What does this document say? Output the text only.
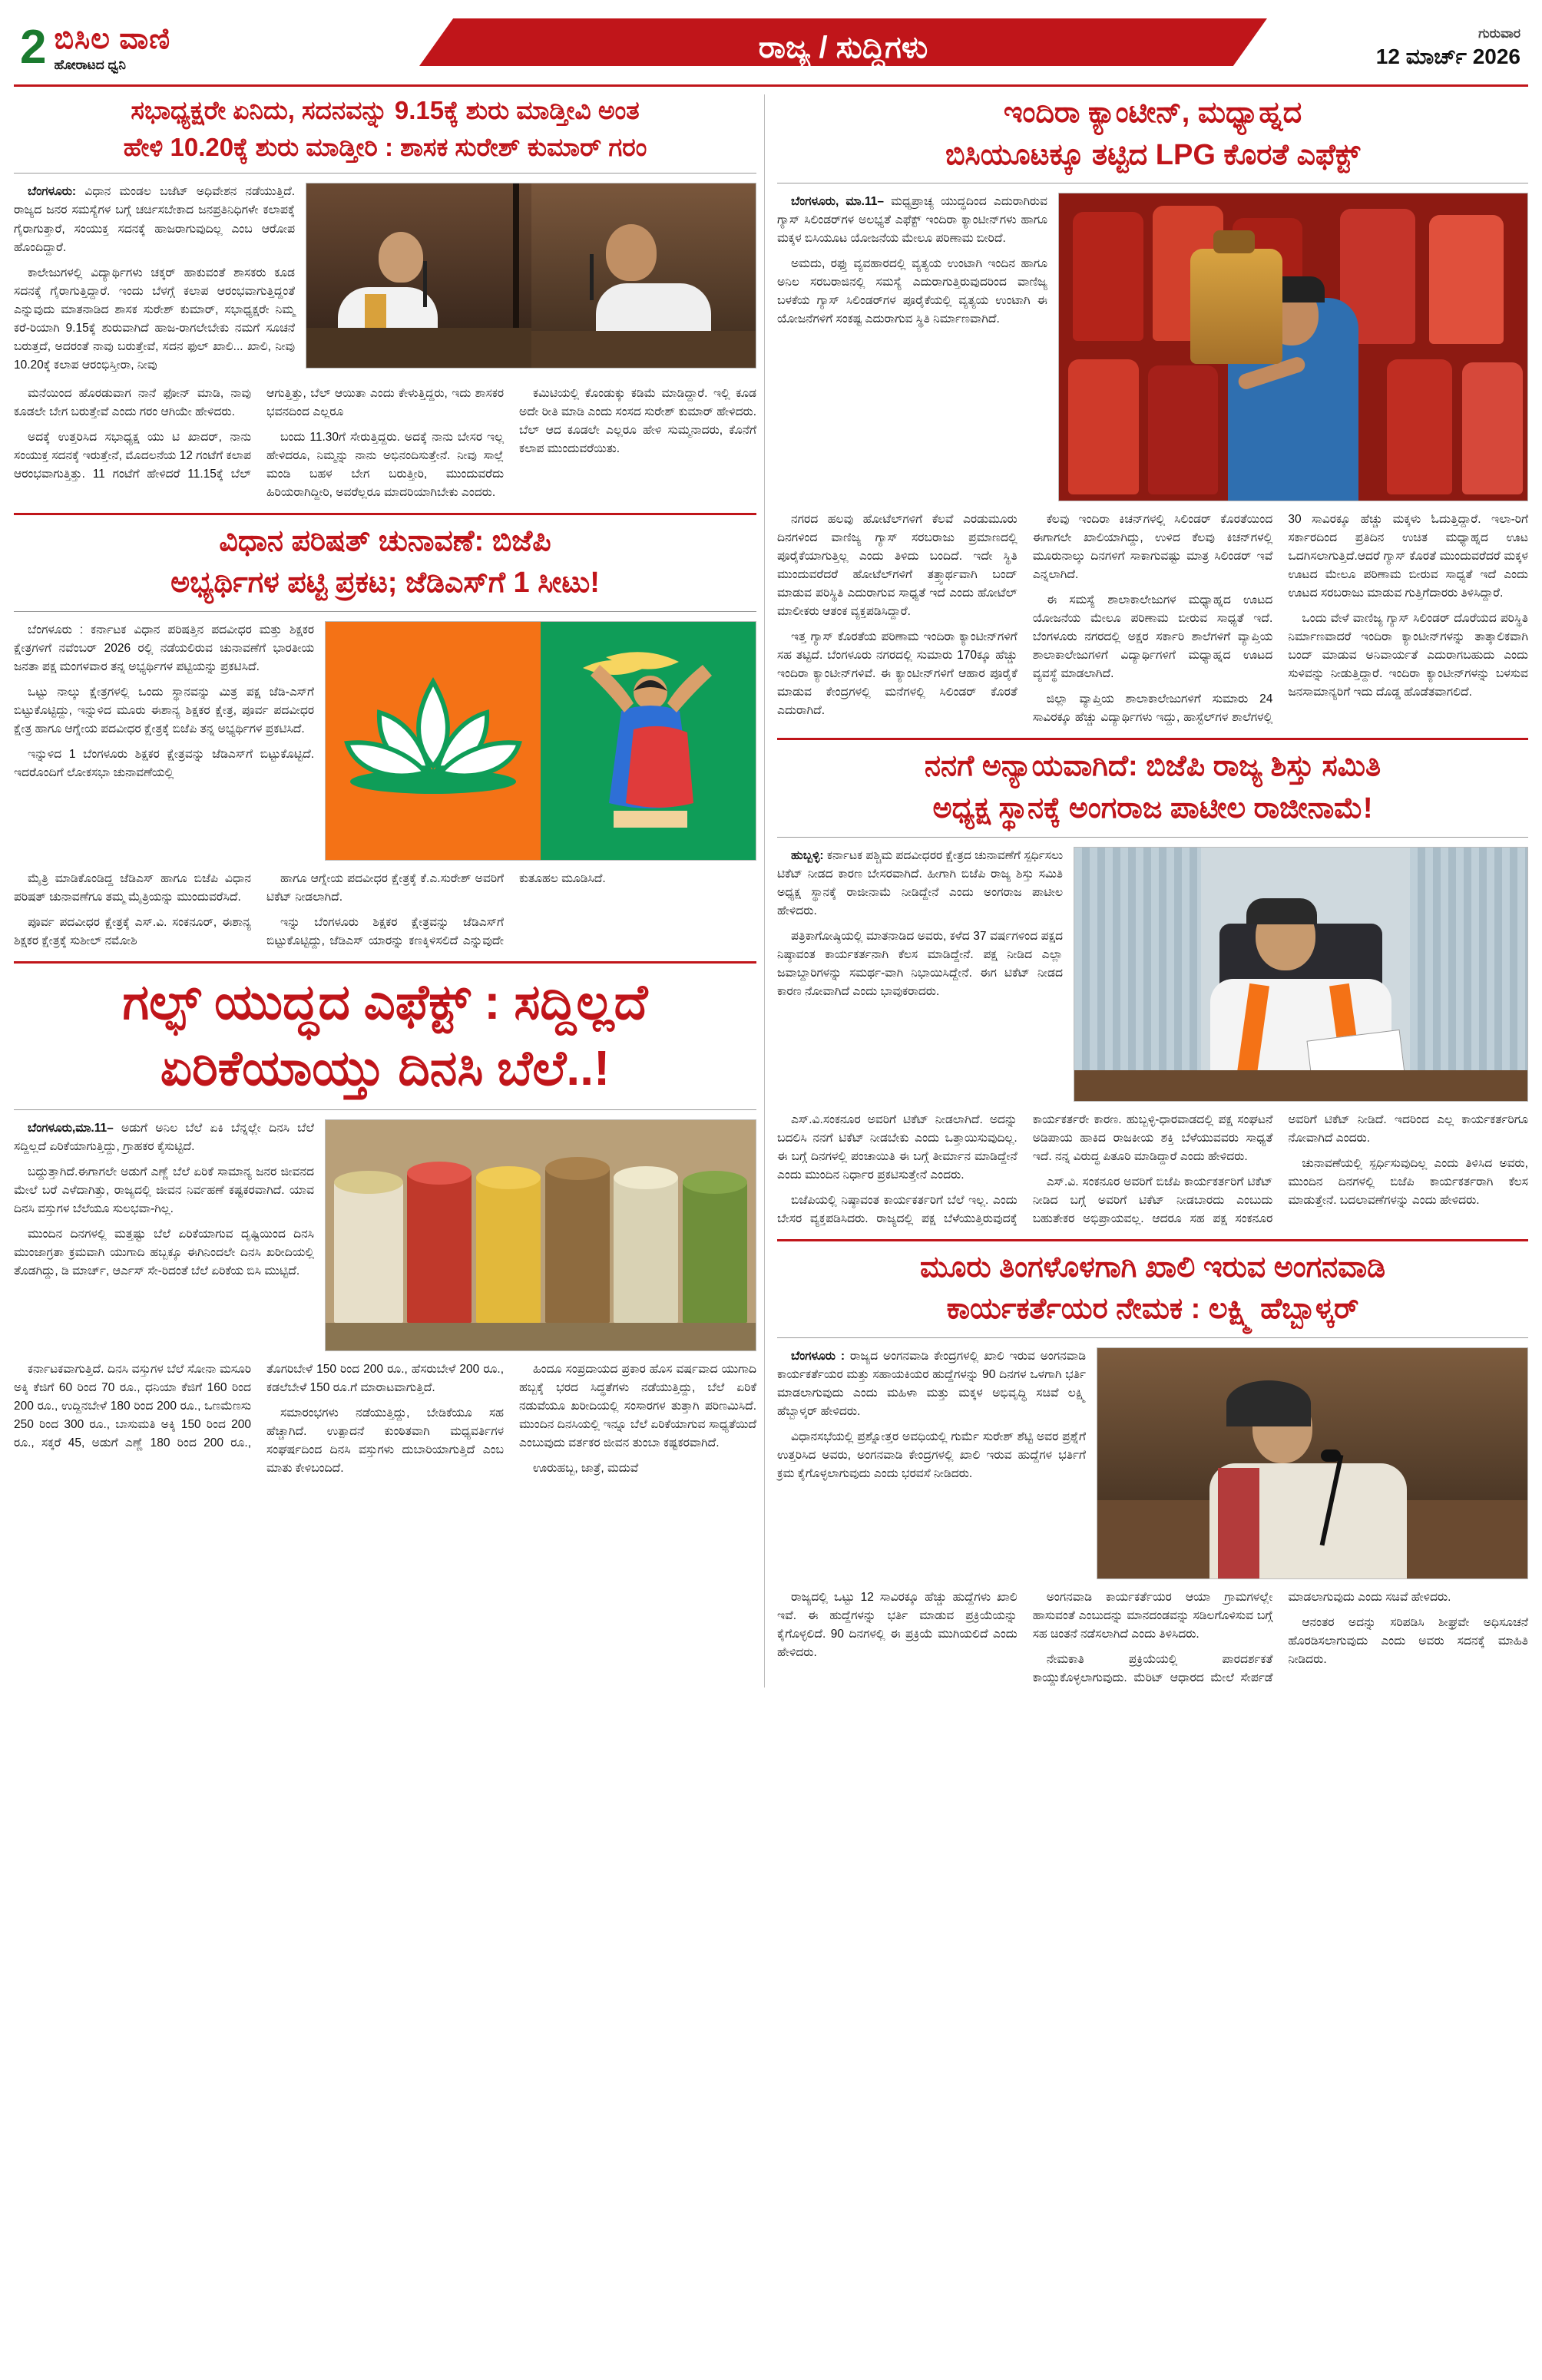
2 ಬಿಸಿಲ ವಾಣಿ
ಹೋರಾಟದ ಧ್ವನಿ
ರಾಜ್ಯ / ಸುದ್ದಿಗಳು	ಗುರುವಾರ
12 ಮಾರ್ಚ್ 2026
ಸಭಾಧ್ಯಕ್ಷರೇ ಏನಿದು, ಸದನವನ್ನು 9.15ಕ್ಕೆ ಶುರು ಮಾಡ್ತೀವಿ ಅಂತ
ಹೇಳಿ 10.20ಕ್ಕೆ ಶುರು ಮಾಡ್ತೀರಿ : ಶಾಸಕ ಸುರೇಶ್ ಕುಮಾರ್ ಗರಂ

ಬೆಂಗಳೂರು: ವಿಧಾನ ಮಂಡಲ ಬಜೆಟ್ ಅಧಿವೇಶನ ನಡೆಯುತ್ತಿದೆ. ರಾಜ್ಯದ ಜನರ ಸಮಸ್ಯೆಗಳ ಬಗ್ಗೆ ಚರ್ಚಿಸಬೇಕಾದ ಜನಪ್ರತಿನಿಧಿಗಳೇ ಕಲಾಪಕ್ಕೆ ಗೈರಾಗುತ್ತಾರೆ, ಸಂಯುಕ್ತ ಸದನಕ್ಕೆ ಹಾಜರಾಗುವುದಿಲ್ಲ ಎಂಬ ಆರೋಪ ಹೊಂದಿದ್ದಾರೆ.

ಕಾಲೇಜುಗಳಲ್ಲಿ ವಿದ್ಯಾರ್ಥಿಗಳು ಚಕ್ಕರ್ ಹಾಕುವಂತೆ ಶಾಸಕರು ಕೂಡ ಸದನಕ್ಕೆ ಗೈರಾಗುತ್ತಿದ್ದಾರೆ. ಇಂದು ಬೆಳಗ್ಗೆ ಕಲಾಪ ಆರಂಭವಾಗುತ್ತಿದ್ದಂತೆ ಎನ್ನುವುದು ಮಾತನಾಡಿದ ಶಾಸಕ ಸುರೇಶ್ ಕುಮಾರ್, ಸಭಾಧ್ಯಕ್ಷರೇ ನಿಮ್ಮ ಕರೆ-ರಿಯಾಗಿ 9.15ಕ್ಕೆ ಶುರುವಾಗಿದೆ ಹಾಜ-ರಾಗಲೇಬೇಕು ನಮಗೆ ಸೂಚನೆ ಬರುತ್ತದೆ, ಅದರಂತೆ ನಾವು ಬರುತ್ತೇವೆ, ಸದನ ಫುಲ್ ಖಾಲಿ... ಖಾಲಿ, ನೀವು 10.20ಕ್ಕೆ ಕಲಾಪ ಆರಂಭಿಸ್ತೀರಾ, ನೀವು

ಮನೆಯಿಂದ ಹೊರಡುವಾಗ ನಾನೆ ಫೋನ್ ಮಾಡಿ, ನಾವು ಕೂಡಲೇ ಬೇಗ ಬರುತ್ತೇವೆ ಎಂದು ಗರಂ ಆಗಿಯೇ ಹೇಳಿದರು.

ಅದಕ್ಕೆ ಉತ್ತರಿಸಿದ ಸಭಾಧ್ಯಕ್ಷ ಯು ಟಿ ಖಾದರ್, ನಾನು ಸಂಯುಕ್ತ ಸದನಕ್ಕೆ ಇರುತ್ತೇನೆ, ಮೊದಲನೆಯ 12 ಗಂಟೆಗೆ ಕಲಾಪ ಆರಂಭವಾಗುತ್ತಿತ್ತು. 11 ಗಂಟೆಗೆ ಹೇಳಿದರೆ 11.15ಕ್ಕೆ ಬೆಲ್ ಆಗುತ್ತಿತ್ತು, ಬೆಲ್ ಆಯಿತಾ ಎಂದು ಕೇಳುತ್ತಿದ್ದರು, ಇದು ಶಾಸಕರ ಭವನದಿಂದ ಎಲ್ಲರೂ

ಬಂದು 11.30ಗೆ ಸೇರುತ್ತಿದ್ದರು. ಅದಕ್ಕೆ ನಾನು ಬೇಸರ ಇಲ್ಲ ಹೇಳಿದರೂ, ನಿಮ್ಮನ್ನು ನಾನು ಅಭಿನಂದಿಸುತ್ತೇನೆ. ನೀವು ಸಾಲ್ಲೆ ಮಂಡಿ ಬಹಳ ಬೇಗ ಬರುತ್ತೀರಿ, ಮುಂದುವರೆದು ಹಿರಿಯರಾಗಿದ್ದೀರಿ, ಅವರೆಲ್ಲರೂ ಮಾದರಿಯಾಗಿಬೇಕು ಎಂದರು.

ಕಮಿಟಿಯಲ್ಲಿ ಕೊಂಡುಕ್ಕು ಕಡಿಮೆ ಮಾಡಿದ್ದಾರೆ. ಇಲ್ಲಿ ಕೂಡ ಅದೇ ರೀತಿ ಮಾಡಿ ಎಂದು ಸಂಸದ ಸುರೇಶ್ ಕುಮಾರ್ ಹೇಳಿದರು. ಬೆಲ್ ಆದ ಕೂಡಲೇ ಎಲ್ಲರೂ ಹೇಳಿ ಸುಮ್ಮನಾದರು, ಕೊನೆಗೆ ಕಲಾಪ ಮುಂದುವರೆಯಿತು.

ವಿಧಾನ ಪರಿಷತ್ ಚುನಾವಣೆ: ಬಿಜೆಪಿ
ಅಭ್ಯರ್ಥಿಗಳ ಪಟ್ಟಿ ಪ್ರಕಟ; ಜೆಡಿಎಸ್‌ಗೆ 1 ಸೀಟು!

ಬೆಂಗಳೂರು : ಕರ್ನಾಟಕ ವಿಧಾನ ಪರಿಷತ್ತಿನ ಪದವೀಧರ ಮತ್ತು ಶಿಕ್ಷಕರ ಕ್ಷೇತ್ರಗಳಿಗೆ ನವೆಂಬರ್ 2026 ರಲ್ಲಿ ನಡೆಯಲಿರುವ ಚುನಾವಣೆಗೆ ಭಾರತೀಯ ಜನತಾ ಪಕ್ಷ ಮಂಗಳವಾರ ತನ್ನ ಅಭ್ಯರ್ಥಿಗಳ ಪಟ್ಟಿಯನ್ನು ಪ್ರಕಟಿಸಿದೆ.

ಒಟ್ಟು ನಾಲ್ಕು ಕ್ಷೇತ್ರಗಳಲ್ಲಿ ಒಂದು ಸ್ಥಾನವನ್ನು ಮಿತ್ರ ಪಕ್ಷ ಜೆಡಿ-ಎಸ್‌ಗೆ ಬಿಟ್ಟುಕೊಟ್ಟಿದ್ದು, ಇನ್ನುಳಿದ ಮೂರು ಈಶಾನ್ಯ ಶಿಕ್ಷಕರ ಕ್ಷೇತ್ರ, ಪೂರ್ವ ಪದವೀಧರ ಕ್ಷೇತ್ರ ಹಾಗೂ ಆಗ್ನೇಯ ಪದವೀಧರ ಕ್ಷೇತ್ರಕ್ಕೆ ಬಿಜೆಪಿ ತನ್ನ ಅಭ್ಯರ್ಥಿಗಳ ಪ್ರಕಟಿಸಿದೆ.

ಇನ್ನುಳಿದ 1 ಬೆಂಗಳೂರು ಶಿಕ್ಷಕರ ಕ್ಷೇತ್ರವನ್ನು ಜೆಡಿಎಸ್‌ಗೆ ಬಿಟ್ಟುಕೊಟ್ಟಿದೆ. ಇದರೊಂದಿಗೆ ಲೋಕಸಭಾ ಚುನಾವಣೆಯಲ್ಲಿ

ಮೈತ್ರಿ ಮಾಡಿಕೊಂಡಿದ್ದ ಜೆಡಿಎಸ್ ಹಾಗೂ ಬಿಜೆಪಿ ವಿಧಾನ ಪರಿಷತ್ ಚುನಾವಣೆಗೂ ತಮ್ಮ ಮೈತ್ರಿಯನ್ನು ಮುಂದುವರೆಸಿದೆ.

ಪೂರ್ವ ಪದವೀಧರ ಕ್ಷೇತ್ರಕ್ಕೆ ಎಸ್.ವಿ. ಸಂಕನೂರ್, ಈಶಾನ್ಯ ಶಿಕ್ಷಕರ ಕ್ಷೇತ್ರಕ್ಕೆ ಸುಶೀಲ್ ನಮೋಶಿ

ಹಾಗೂ ಆಗ್ನೇಯ ಪದವೀಧರ ಕ್ಷೇತ್ರಕ್ಕೆ ಕೆ.ಎ.ಸುರೇಶ್ ಅವರಿಗೆ ಟಿಕೆಟ್ ನೀಡಲಾಗಿದೆ.

ಇನ್ನು ಬೆಂಗಳೂರು ಶಿಕ್ಷಕರ ಕ್ಷೇತ್ರವನ್ನು ಜೆಡಿಎಸ್‌ಗೆ ಬಿಟ್ಟುಕೊಟ್ಟಿದ್ದು, ಜೆಡಿಎಸ್ ಯಾರನ್ನು ಕಣಕ್ಕಿಳಿಸಲಿದೆ ಎನ್ನುವುದೇ ಕುತೂಹಲ ಮೂಡಿಸಿದೆ.

ಗಲ್ಫ್ ಯುದ್ಧದ ಎಫೆಕ್ಟ್ : ಸದ್ದಿಲ್ಲದೆ
ಏರಿಕೆಯಾಯ್ತು ದಿನಸಿ ಬೆಲೆ..!

ಬೆಂಗಳೂರು,ಮಾ.11– ಅಡುಗೆ ಅನಿಲ ಬೆಲೆ ಏಕಿ ಬೆನ್ನಲ್ಲೇ ದಿನಸಿ ಬೆಲೆ ಸದ್ದಿಲ್ಲದೆ ಏರಿಕೆಯಾಗುತ್ತಿದ್ದು, ಗ್ರಾಹಕರ ಕೈಸುಟ್ಟಿದೆ.

ಬದ್ದುತ್ತಾಗಿದೆ.ಈಗಾಗಲೇ ಅಡುಗೆ ಎಣ್ಣೆ ಬೆಲೆ ಏರಿಕೆ ಸಾಮಾನ್ಯ ಜನರ ಜೀವನದ ಮೇಲೆ ಬರೆ ಎಳೆದಾಗಿತ್ತು, ರಾಜ್ಯದಲ್ಲಿ ಜೀವನ ನಿರ್ವಹಣೆ ಕಷ್ಟಕರವಾಗಿದೆ. ಯಾವ ದಿನಸಿ ವಸ್ತುಗಳ ಬೆಲೆಯೂ ಸುಲಭವಾ-ಗಿಲ್ಲ.

ಮುಂದಿನ ದಿನಗಳಲ್ಲಿ ಮತ್ತಷ್ಟು ಬೆಲೆ ಏರಿಕೆಯಾಗುವ ದೃಷ್ಟಿಯಿಂದ ದಿನಸಿ ಮುಂಜಾಗ್ರತಾ ಕ್ರಮವಾಗಿ ಯುಗಾದಿ ಹಬ್ಬಕ್ಕೂ ಈಗಿನಿಂದಲೇ ದಿನಸಿ ಖರೀದಿಯಲ್ಲಿ ತೊಡಗಿದ್ದು, ಡಿ ಮಾರ್ಚ್, ಆರ್ಎಸ್ ಸೇ-ರಿದಂತೆ ಬೆಲೆ ಏರಿಕೆಯ ಬಿಸಿ ಮುಟ್ಟಿದೆ.

ಕರ್ನಾಟಕವಾಗುತ್ತಿದೆ. ದಿನಸಿ ವಸ್ತುಗಳ ಬೆಲೆ ಸೋನಾ ಮಸೂರಿ ಅಕ್ಕಿ ಕೆಜಿಗೆ 60 ರಿಂದ 70 ರೂ., ಧನಿಯಾ ಕೆಜಿಗೆ 160 ರಿಂದ 200 ರೂ., ಉದ್ದಿನಬೇಳೆ 180 ರಿಂದ 200 ರೂ., ಒಣಮೆಣಸು 250 ರಿಂದ 300 ರೂ., ಬಾಸುಮತಿ ಅಕ್ಕಿ 150 ರಿಂದ 200 ರೂ., ಸಕ್ಕರೆ 45, ಅಡುಗೆ ಎಣ್ಣೆ 180 ರಿಂದ 200 ರೂ., ತೊಗರಿಬೇಳೆ 150 ರಿಂದ 200 ರೂ., ಹೆಸರುಬೇಳೆ 200 ರೂ., ಕಡಲೆಬೇಳೆ 150 ರೂ.ಗೆ ಮಾರಾಟವಾಗುತ್ತಿದೆ.

ಸಮಾರಂಭಗಳು ನಡೆಯುತ್ತಿದ್ದು, ಬೇಡಿಕೆಯೂ ಸಹ ಹೆಚ್ಚಾಗಿದೆ. ಉತ್ಪಾದನೆ ಕುಂಠಿತವಾಗಿ ಮಧ್ಯವರ್ತಿಗಳ ಸಂಘರ್ಷದಿಂದ ದಿನಸಿ ವಸ್ತುಗಳು ದುಬಾರಿಯಾಗುತ್ತಿದೆ ಎಂಬ ಮಾತು ಕೇಳಿಬಂದಿದೆ.

ಹಿಂದೂ ಸಂಪ್ರದಾಯದ ಪ್ರಕಾರ ಹೊಸ ವರ್ಷವಾದ ಯುಗಾದಿ ಹಬ್ಬಕ್ಕೆ ಭರದ ಸಿದ್ಧತೆಗಳು ನಡೆಯುತ್ತಿದ್ದು, ಬೆಲೆ ಏರಿಕೆ ನಡುವೆಯೂ ಖರೀದಿಯಲ್ಲಿ ಸಂಸಾರಗಳ ತುತ್ತಾಗಿ ಪರಿಣಮಿಸಿದೆ. ಮುಂದಿನ ದಿನಸಿಯಲ್ಲಿ ಇನ್ನೂ ಬೆಲೆ ಏರಿಕೆಯಾಗುವ ಸಾಧ್ಯತೆಯಿದೆ ಎಂಬುವುದು ವರ್ತಕರ ಜೀವನ ತುಂಬಾ ಕಷ್ಟಕರವಾಗಿದೆ.

ಊರುಹಬ್ಬ, ಜಾತ್ರೆ, ಮದುವೆ

ಇಂದಿರಾ ಕ್ಯಾಂಟೀನ್, ಮಧ್ಯಾಹ್ನದ
ಬಿಸಿಯೂಟಕ್ಕೂ ತಟ್ಟಿದ LPG ಕೊರತೆ ಎಫೆಕ್ಟ್

ಬೆಂಗಳೂರು, ಮಾ.11– ಮಧ್ಯಪ್ರಾಚ್ಯ ಯುದ್ಧದಿಂದ ಎದುರಾಗಿರುವ ಗ್ಯಾಸ್ ಸಿಲಿಂಡರ್‌ಗಳ ಅಲಭ್ಯತೆ ಎಫೆಕ್ಟ್ ಇಂದಿರಾ ಕ್ಯಾಂಟೀನ್‌ಗಳು ಹಾಗೂ ಮಕ್ಕಳ ಬಿಸಿಯೂಟ ಯೋಜನೆಯ ಮೇಲೂ ಪರಿಣಾಮ ಬೀರಿದೆ.

ಅಮದು, ರಫ್ತು ವ್ಯವಹಾರದಲ್ಲಿ ವ್ಯತ್ಯಯ ಉಂಟಾಗಿ ಇಂದಿನ ಹಾಗೂ ಅನಿಲ ಸರಬರಾಜಿನಲ್ಲಿ ಸಮಸ್ಯೆ ಎದುರಾಗುತ್ತಿರುವುದರಿಂದ ವಾಣಿಜ್ಯ ಬಳಕೆಯ ಗ್ಯಾಸ್ ಸಿಲಿಂಡರ್‌ಗಳ ಪೂರೈಕೆಯಲ್ಲಿ ವ್ಯತ್ಯಯ ಉಂಟಾಗಿ ಈ ಯೋಜನೆಗಳಿಗೆ ಸಂಕಷ್ಟ ಎದುರಾಗುವ ಸ್ಥಿತಿ ನಿರ್ಮಾಣವಾಗಿದೆ.

ನಗರದ ಹಲವು ಹೋಟೆಲ್‌ಗಳಿಗೆ ಕೆಲವೆ ಎರಡುಮೂರು ದಿನಗಳಿಂದ ವಾಣಿಜ್ಯ ಗ್ಯಾಸ್ ಸರಬರಾಜು ಪ್ರಮಾಣದಲ್ಲಿ ಪೂರೈಕೆಯಾಗುತ್ತಿಲ್ಲ ಎಂದು ತಿಳಿದು ಬಂದಿದೆ. ಇದೇ ಸ್ಥಿತಿ ಮುಂದುವರೆದರೆ ಹೋಟೆಲ್‌ಗಳಿಗೆ ತತ್ತ್ವಾರ್ಥವಾಗಿ ಬಂದ್ ಮಾಡುವ ಪರಿಸ್ಥಿತಿ ಎದುರಾಗುವ ಸಾಧ್ಯತೆ ಇದೆ ಎಂದು ಹೋಟೆಲ್ ಮಾಲೀಕರು ಆತಂಕ ವ್ಯಕ್ತಪಡಿಸಿದ್ದಾರೆ.

ಇತ್ತ ಗ್ಯಾಸ್ ಕೊರತೆಯ ಪರಿಣಾಮ ಇಂದಿರಾ ಕ್ಯಾಂಟೀನ್‌ಗಳಿಗೆ ಸಹ ತಟ್ಟಿದೆ. ಬೆಂಗಳೂರು ನಗರದಲ್ಲಿ ಸುಮಾರು 170ಕ್ಕೂ ಹೆಚ್ಚು ಇಂದಿರಾ ಕ್ಯಾಂಟೀನ್‌ಗಳಿವೆ. ಈ ಕ್ಯಾಂಟೀನ್‌ಗಳಿಗೆ ಆಹಾರ ಪೂರೈಕೆ ಮಾಡುವ ಕೇಂದ್ರಗಳಲ್ಲಿ ಮನೆಗಳಲ್ಲಿ ಸಿಲಿಂಡರ್ ಕೊರತೆ ಎದುರಾಗಿದೆ.

ಕೆಲವು ಇಂದಿರಾ ಕಿಚನ್‌ಗಳಲ್ಲಿ ಸಿಲಿಂಡರ್ ಕೊರತೆಯಿಂದ ಈಗಾಗಲೇ ಖಾಲಿಯಾಗಿದ್ದು, ಉಳಿದ ಕೆಲವು ಕಿಚನ್‌ಗಳಲ್ಲಿ ಮೂರುನಾಲ್ಕು ದಿನಗಳಿಗೆ ಸಾಕಾಗುವಷ್ಟು ಮಾತ್ರ ಸಿಲಿಂಡರ್ ಇವೆ ಎನ್ನಲಾಗಿದೆ.

ಈ ಸಮಸ್ಯೆ ಶಾಲಾಕಾಲೇಜುಗಳ ಮಧ್ಯಾಹ್ನದ ಊಟದ ಯೋಜನೆಯ ಮೇಲೂ ಪರಿಣಾಮ ಬೀರುವ ಸಾಧ್ಯತೆ ಇದೆ. ಬೆಂಗಳೂರು ನಗರದಲ್ಲಿ ಅಕ್ಷರ ಸರ್ಕಾರಿ ಶಾಲೆಗಳಿಗೆ ವ್ಯಾಪ್ತಿಯ ಶಾಲಾಕಾಲೇಜುಗಳಿಗೆ ವಿದ್ಯಾರ್ಥಿಗಳಿಗೆ ಮಧ್ಯಾಹ್ನದ ಊಟದ ವ್ಯವಸ್ಥೆ ಮಾಡಲಾಗಿದೆ.

ಜಿಲ್ಲಾ ವ್ಯಾಪ್ತಿಯ ಶಾಲಾಕಾಲೇಜುಗಳಿಗೆ ಸುಮಾರು 24 ಸಾವಿರಕ್ಕೂ ಹೆಚ್ಚು ವಿದ್ಯಾರ್ಥಿಗಳು ಇದ್ದು, ಹಾಸ್ಟೆಲ್‌ಗಳ ಶಾಲೆಗಳಲ್ಲಿ 30 ಸಾವಿರಕ್ಕೂ ಹೆಚ್ಚು ಮಕ್ಕಳು ಓದುತ್ತಿದ್ದಾರೆ. ಇಲಾ-ರಿಗೆ ಸರ್ಕಾರದಿಂದ ಪ್ರತಿದಿನ ಉಚಿತ ಮಧ್ಯಾಹ್ನದ ಊಟ ಒದಗಿಸಲಾಗುತ್ತಿದೆ.ಆದರೆ ಗ್ಯಾಸ್ ಕೊರತೆ ಮುಂದುವರೆದರೆ ಮಕ್ಕಳ ಊಟದ ಮೇಲೂ ಪರಿಣಾಮ ಬೀರುವ ಸಾಧ್ಯತೆ ಇದೆ ಎಂದು ಊಟದ ಸರಬರಾಜು ಮಾಡುವ ಗುತ್ತಿಗೆದಾರರು ತಿಳಿಸಿದ್ದಾರೆ.

ಒಂದು ವೇಳೆ ವಾಣಿಜ್ಯ ಗ್ಯಾಸ್ ಸಿಲಿಂಡರ್ ದೊರೆಯದ ಪರಿಸ್ಥಿತಿ ನಿರ್ಮಾಣವಾದರೆ ಇಂದಿರಾ ಕ್ಯಾಂಟೀನ್‌ಗಳನ್ನು ತಾತ್ಕಾಲಿಕವಾಗಿ ಬಂದ್ ಮಾಡುವ ಅನಿವಾರ್ಯತೆ ಎದುರಾಗಬಹುದು ಎಂದು ಸುಳಿವನ್ನು ನೀಡುತ್ತಿದ್ದಾರೆ. ಇಂದಿರಾ ಕ್ಯಾಂಟೀನ್‌ಗಳನ್ನು ಬಳಸುವ ಜನಸಾಮಾನ್ಯರಿಗೆ ಇದು ದೊಡ್ಡ ಹೊಡೆತವಾಗಲಿದೆ.

ನನಗೆ ಅನ್ಯಾಯವಾಗಿದೆ: ಬಿಜೆಪಿ ರಾಜ್ಯ ಶಿಸ್ತು ಸಮಿತಿ
ಅಧ್ಯಕ್ಷ ಸ್ಥಾನಕ್ಕೆ ಅಂಗರಾಜ ಪಾಟೀಲ ರಾಜೀನಾಮೆ!

ಹುಬ್ಬಳ್ಳಿ: ಕರ್ನಾಟಕ ಪಶ್ಚಿಮ ಪದವೀಧರರ ಕ್ಷೇತ್ರದ ಚುನಾವಣೆಗೆ ಸ್ಪರ್ಧಿಸಲು ಟಿಕೆಟ್ ನೀಡದ ಕಾರಣ ಬೇಸರವಾಗಿದೆ. ಹೀಗಾಗಿ ಬಿಜೆಪಿ ರಾಜ್ಯ ಶಿಸ್ತು ಸಮಿತಿ ಅಧ್ಯಕ್ಷ ಸ್ಥಾನಕ್ಕೆ ರಾಜೀನಾಮೆ ನೀಡಿದ್ದೇನೆ ಎಂದು ಅಂಗರಾಜ ಪಾಟೀಲ ಹೇಳಿದರು.

ಪತ್ರಿಕಾಗೋಷ್ಠಿಯಲ್ಲಿ ಮಾತನಾಡಿದ ಅವರು, ಕಳೆದ 37 ವರ್ಷಗಳಿಂದ ಪಕ್ಷದ ನಿಷ್ಠಾವಂತ ಕಾರ್ಯಕರ್ತನಾಗಿ ಕೆಲಸ ಮಾಡಿದ್ದೇನೆ. ಪಕ್ಷ ನೀಡಿದ ಎಲ್ಲಾ ಜವಾಬ್ದಾರಿಗಳನ್ನು ಸಮರ್ಥ-ವಾಗಿ ನಿಭಾಯಿಸಿದ್ದೇನೆ. ಈಗ ಟಿಕೆಟ್ ನೀಡದ ಕಾರಣ ನೋವಾಗಿದೆ ಎಂದು ಭಾವುಕರಾದರು.

ಎಸ್.ವಿ.ಸಂಕನೂರ ಅವರಿಗೆ ಟಿಕೆಟ್ ನೀಡಲಾಗಿದೆ. ಅದನ್ನು ಬದಲಿಸಿ ನನಗೆ ಟಿಕೆಟ್ ನೀಡಬೇಕು ಎಂದು ಒತ್ತಾಯಿಸುವುದಿಲ್ಲ. ಈ ಬಗ್ಗೆ ದಿನಗಳಲ್ಲಿ ಪಂಚಾಯಿತಿ ಈ ಬಗ್ಗೆ ತೀರ್ಮಾನ ಮಾಡಿದ್ದೇನೆ ಎಂದು ಮುಂದಿನ ನಿರ್ಧಾರ ಪ್ರಕಟಿಸುತ್ತೇನೆ ಎಂದರು.

ಬಿಜೆಪಿಯಲ್ಲಿ ನಿಷ್ಠಾವಂತ ಕಾರ್ಯಕರ್ತರಿಗೆ ಬೆಲೆ ಇಲ್ಲ. ಎಂದು ಬೇಸರ ವ್ಯಕ್ತಪಡಿಸಿದರು. ರಾಜ್ಯದಲ್ಲಿ ಪಕ್ಷ ಬೆಳೆಯುತ್ತಿರುವುದಕ್ಕೆ ಕಾರ್ಯಕರ್ತರೇ ಕಾರಣ. ಹುಬ್ಬಳ್ಳಿ-ಧಾರವಾಡದಲ್ಲಿ ಪಕ್ಷ ಸಂಘಟನೆ ಅಡಿಪಾಯ ಹಾಕಿದ ರಾಜಕೀಯ ಶಕ್ತಿ ಬೆಳೆಯುವವರು ಸಾಧ್ಯತೆ ಇದೆ. ನನ್ನ ವಿರುದ್ಧ ಪಿತೂರಿ ಮಾಡಿದ್ದಾರೆ ಎಂದು ಹೇಳಿದರು.

ಎಸ್.ವಿ. ಸಂಕನೂರ ಅವರಿಗೆ ಬಿಜೆಪಿ ಕಾರ್ಯಕರ್ತರಿಗೆ ಟಿಕೆಟ್ ನೀಡಿದ ಬಗ್ಗೆ ಅವರಿಗೆ ಟಿಕೆಟ್ ನೀಡಬಾರದು ಎಂಬುದು ಬಹುತೇಕರ ಅಭಿಪ್ರಾಯವಲ್ಲ. ಆದರೂ ಸಹ ಪಕ್ಷ ಸಂಕನೂರ ಅವರಿಗೆ ಟಿಕೆಟ್ ನೀಡಿದೆ. ಇದರಿಂದ ಎಲ್ಲ ಕಾರ್ಯಕರ್ತರಿಗೂ ನೋವಾಗಿದೆ ಎಂದರು.

ಚುನಾವಣೆಯಲ್ಲಿ ಸ್ಪರ್ಧಿಸುವುದಿಲ್ಲ ಎಂದು ತಿಳಿಸಿದ ಅವರು, ಮುಂದಿನ ದಿನಗಳಲ್ಲಿ ಬಿಜೆಪಿ ಕಾರ್ಯಕರ್ತರಾಗಿ ಕೆಲಸ ಮಾಡುತ್ತೇನೆ. ಬದಲಾವಣೆಗಳನ್ನು ಎಂದು ಹೇಳಿದರು.

ಮೂರು ತಿಂಗಳೊಳಗಾಗಿ ಖಾಲಿ ಇರುವ ಅಂಗನವಾಡಿ
ಕಾರ್ಯಕರ್ತೆಯರ ನೇಮಕ : ಲಕ್ಷ್ಮಿ ಹೆಬ್ಬಾಳ್ಕರ್

ಬೆಂಗಳೂರು : ರಾಜ್ಯದ ಅಂಗನವಾಡಿ ಕೇಂದ್ರಗಳಲ್ಲಿ ಖಾಲಿ ಇರುವ ಅಂಗನವಾಡಿ ಕಾರ್ಯಕರ್ತೆಯರ ಮತ್ತು ಸಹಾಯಕಿಯರ ಹುದ್ದೆಗಳನ್ನು 90 ದಿನಗಳ ಒಳಗಾಗಿ ಭರ್ತಿ ಮಾಡಲಾಗುವುದು ಎಂದು ಮಹಿಳಾ ಮತ್ತು ಮಕ್ಕಳ ಅಭಿವೃದ್ಧಿ ಸಚಿವೆ ಲಕ್ಷ್ಮಿ ಹೆಬ್ಬಾಳ್ಕರ್ ಹೇಳಿದರು.

ವಿಧಾನಸಭೆಯಲ್ಲಿ ಪ್ರಶ್ನೋತ್ತರ ಅವಧಿಯಲ್ಲಿ ಗುರ್ಮೆ ಸುರೇಶ್ ಶೆಟ್ಟಿ ಅವರ ಪ್ರಶ್ನೆಗೆ ಉತ್ತರಿಸಿದ ಅವರು, ಅಂಗನವಾಡಿ ಕೇಂದ್ರಗಳಲ್ಲಿ ಖಾಲಿ ಇರುವ ಹುದ್ದೆಗಳ ಭರ್ತಿಗೆ ಕ್ರಮ ಕೈಗೊಳ್ಳಲಾಗುವುದು ಎಂದು ಭರವಸೆ ನೀಡಿದರು.

ರಾಜ್ಯದಲ್ಲಿ ಒಟ್ಟು 12 ಸಾವಿರಕ್ಕೂ ಹೆಚ್ಚು ಹುದ್ದೆಗಳು ಖಾಲಿ ಇವೆ. ಈ ಹುದ್ದೆಗಳನ್ನು ಭರ್ತಿ ಮಾಡುವ ಪ್ರಕ್ರಿಯೆಯನ್ನು ಕೈಗೊಳ್ಳಲಿದೆ. 90 ದಿನಗಳಲ್ಲಿ ಈ ಪ್ರಕ್ರಿಯೆ ಮುಗಿಯಲಿದೆ ಎಂದು ಹೇಳಿದರು.

ಅಂಗನವಾಡಿ ಕಾರ್ಯಕರ್ತೆಯರ ಆಯಾ ಗ್ರಾಮಗಳಲ್ಲೇ ಹಾಸುವಂತೆ ಎಂಬುದನ್ನು ಮಾನದಂಡವನ್ನು ಸಡಿಲಗೊಳಿಸುವ ಬಗ್ಗೆ ಸಹ ಚಿಂತನೆ ನಡೆಸಲಾಗಿದೆ ಎಂದು ತಿಳಿಸಿದರು.

ನೇಮಕಾತಿ ಪ್ರಕ್ರಿಯೆಯಲ್ಲಿ ಪಾರದರ್ಶಕತೆ ಕಾಯ್ದುಕೊಳ್ಳಲಾಗುವುದು. ಮೆರಿಟ್ ಆಧಾರದ ಮೇಲೆ ಸೇರ್ಪಡೆ ಮಾಡಲಾಗುವುದು ಎಂದು ಸಚಿವೆ ಹೇಳಿದರು.

ಆನಂತರ ಅದನ್ನು ಸರಿಪಡಿಸಿ ಶೀಘ್ರವೇ ಅಧಿಸೂಚನೆ ಹೊರಡಿಸಲಾಗುವುದು ಎಂದು ಅವರು ಸದನಕ್ಕೆ ಮಾಹಿತಿ ನೀಡಿದರು.
